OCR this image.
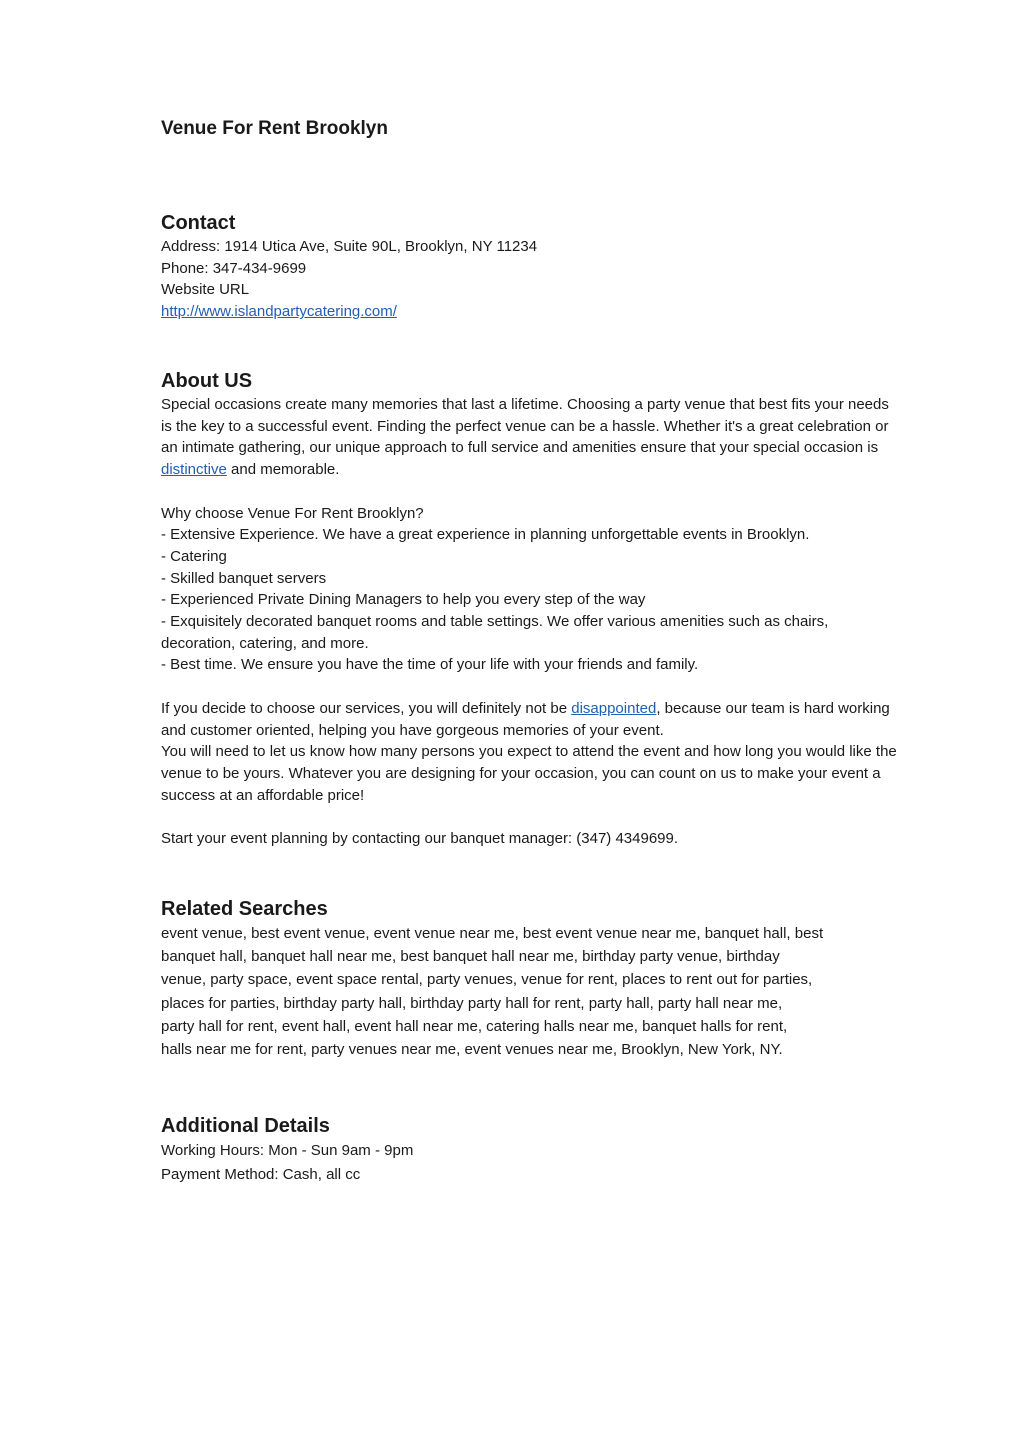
Venue For Rent Brooklyn
Contact
Address: 1914 Utica Ave, Suite 90L, Brooklyn, NY 11234
Phone: 347-434-9699
Website URL
http://www.islandpartycatering.com/
About US

Special occasions create many memories that last a lifetime. Choosing a party venue that best fits your needs is the key to a successful event. Finding the perfect venue can be a hassle. Whether it's a great celebration or an intimate gathering, our unique approach to full service and amenities ensure that your special occasion is distinctive and memorable.

Why choose Venue For Rent Brooklyn?

- Extensive Experience. We have a great experience in planning unforgettable events in Brooklyn.

- Catering

- Skilled banquet servers

- Experienced Private Dining Managers to help you every step of the way

- Exquisitely decorated banquet rooms and table settings. We offer various amenities such as chairs, decoration, catering, and more.

- Best time. We ensure you have the time of your life with your friends and family.

If you decide to choose our services, you will definitely not be disappointed, because our team is hard working and customer oriented, helping you have gorgeous memories of your event.

You will need to let us know how many persons you expect to attend the event and how long you would like the venue to be yours. Whatever you are designing for your occasion, you can count on us to make your event a success at an affordable price!

Start your event planning by contacting our banquet manager: (347) 4349699.

Related Searches

event venue, best event venue, event venue near me, best event venue near me, banquet hall, best
banquet hall, banquet hall near me, best banquet hall near me, birthday party venue, birthday
venue, party space, event space rental, party venues, venue for rent, places to rent out for parties,
places for parties, birthday party hall, birthday party hall for rent, party hall, party hall near me,
party hall for rent, event hall, event hall near me, catering halls near me, banquet halls for rent,
halls near me for rent, party venues near me, event venues near me, Brooklyn, New York, NY.

Additional Details
Working Hours: Mon - Sun 9am - 9pm
Payment Method: Cash, all cc
